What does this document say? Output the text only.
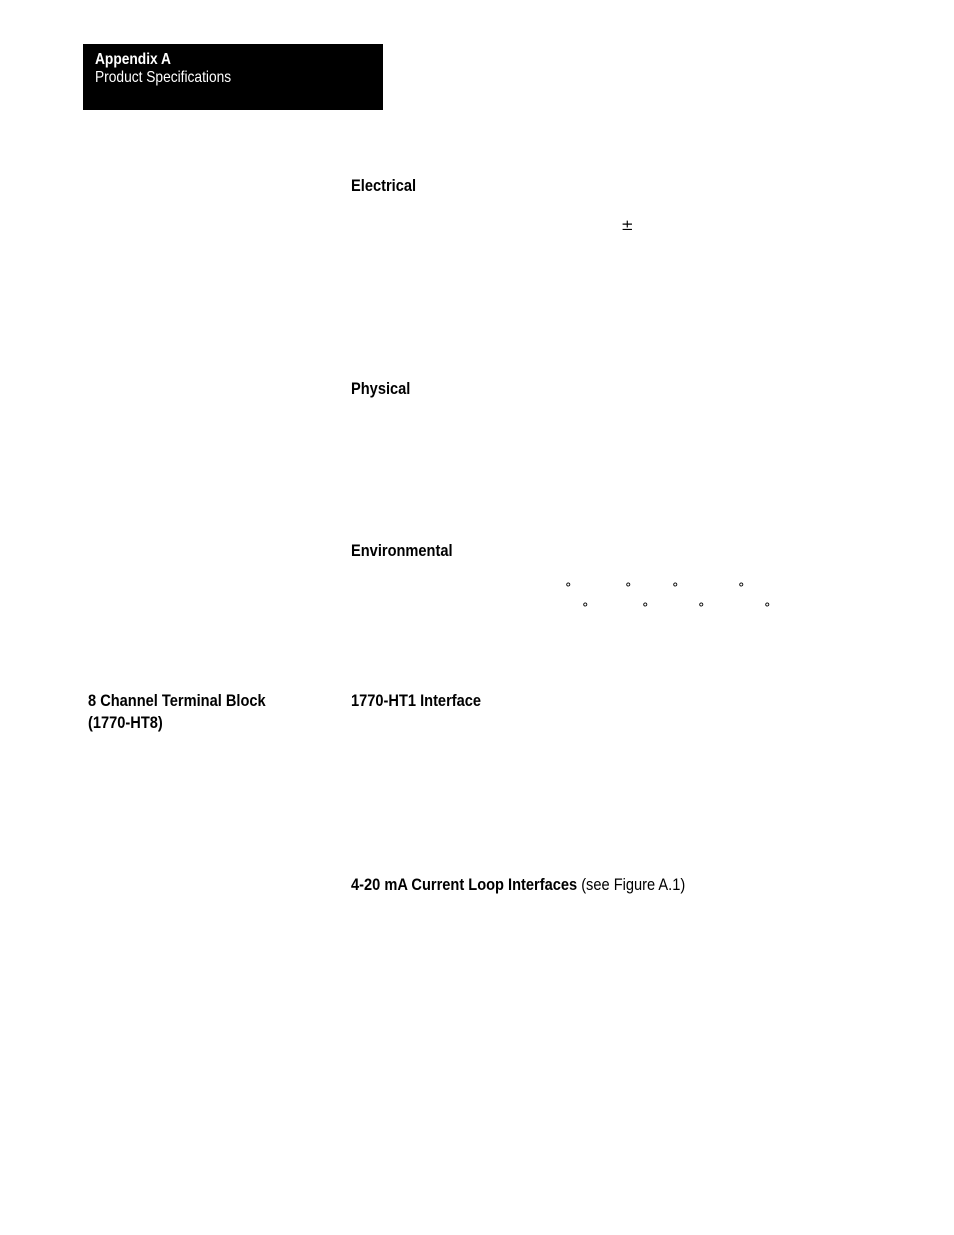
Appendix A
Product Specifications
Electrical
±
Physical
Environmental
°	°	°	°
°	°	°	°
8 Channel Terminal Block
(1770-HT8)
1770-HT1 Interface
4-20 mA Current Loop Interfaces (see Figure A.1)
